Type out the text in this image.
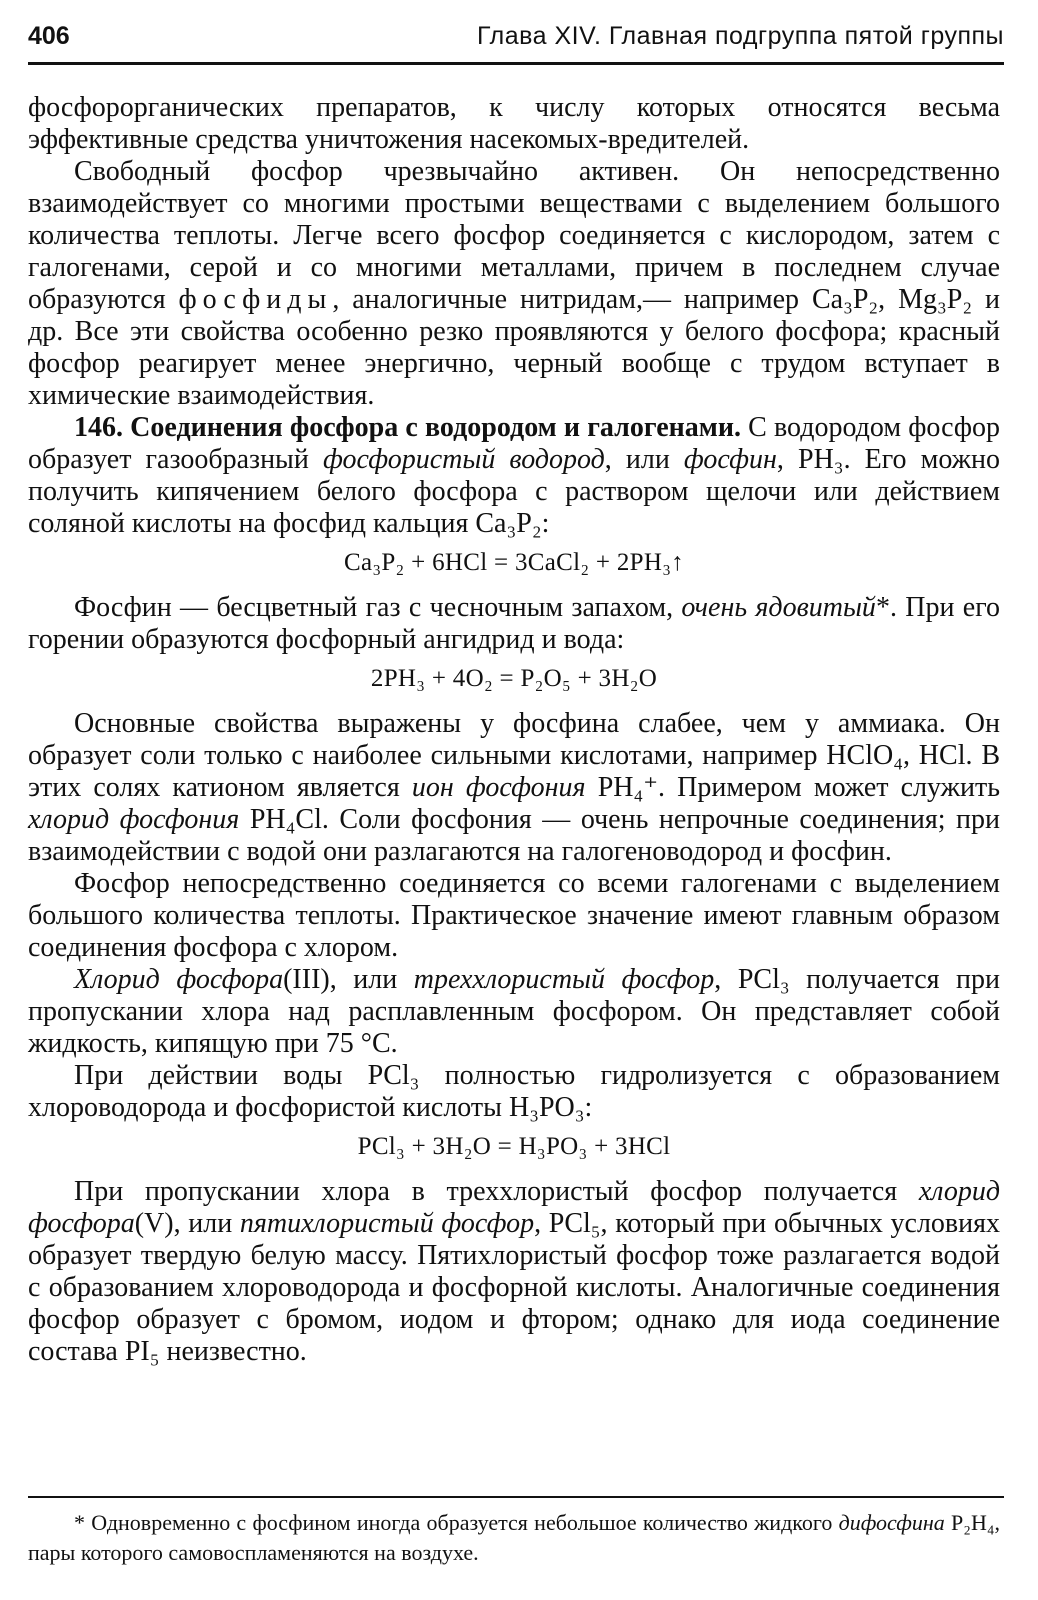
406	Глава XIV. Главная подгруппа пятой группы

фосфорорганических препаратов, к числу которых относятся весьма эффективные средства уничтожения насекомых-вредителей.

Свободный фосфор чрезвычайно активен. Он непосредственно взаимодействует со многими простыми веществами с выделением большого количества теплоты. Легче всего фосфор соединяется с кислородом, затем с галогенами, серой и со многими металлами, причем в последнем случае образуются фосфиды, аналогичные нитридам,— например Ca₃P₂, Mg₃P₂ и др. Все эти свойства особенно резко проявляются у белого фосфора; красный фосфор реагирует менее энергично, черный вообще с трудом вступает в химические взаимодействия.

146. Соединения фосфора с водородом и галогенами. С водородом фосфор образует газообразный фосфористый водород, или фосфин, PH₃. Его можно получить кипячением белого фосфора с раствором щелочи или действием соляной кислоты на фосфид кальция Ca₃P₂:

Ca₃P₂ + 6HCl = 3CaCl₂ + 2PH₃↑

Фосфин — бесцветный газ с чесночным запахом, очень ядовитый*. При его горении образуются фосфорный ангидрид и вода:

2PH₃ + 4O₂ = P₂O₅ + 3H₂O

Основные свойства выражены у фосфина слабее, чем у аммиака. Он образует соли только с наиболее сильными кислотами, например HClO₄, HCl. В этих солях катионом является ион фосфония PH₄⁺. Примером может служить хлорид фосфония PH₄Cl. Соли фосфония — очень непрочные соединения; при взаимодействии с водой они разлагаются на галогеноводород и фосфин.

Фосфор непосредственно соединяется со всеми галогенами с выделением большого количества теплоты. Практическое значение имеют главным образом соединения фосфора с хлором.

Хлорид фосфора(III), или треххлористый фосфор, PCl₃ получается при пропускании хлора над расплавленным фосфором. Он представляет собой жидкость, кипящую при 75 °C.

При действии воды PCl₃ полностью гидролизуется с образованием хлороводорода и фосфористой кислоты H₃PO₃:

PCl₃ + 3H₂O = H₃PO₃ + 3HCl

При пропускании хлора в треххлористый фосфор получается хлорид фосфора(V), или пятихлористый фосфор, PCl₅, который при обычных условиях образует твердую белую массу. Пятихлористый фосфор тоже разлагается водой с образованием хлороводорода и фосфорной кислоты. Аналогичные соединения фосфор образует с бромом, иодом и фтором; однако для иода соединение состава PI₅ неизвестно.

* Одновременно с фосфином иногда образуется небольшое количество жидкого дифосфина P₂H₄, пары которого самовоспламеняются на воздухе.
